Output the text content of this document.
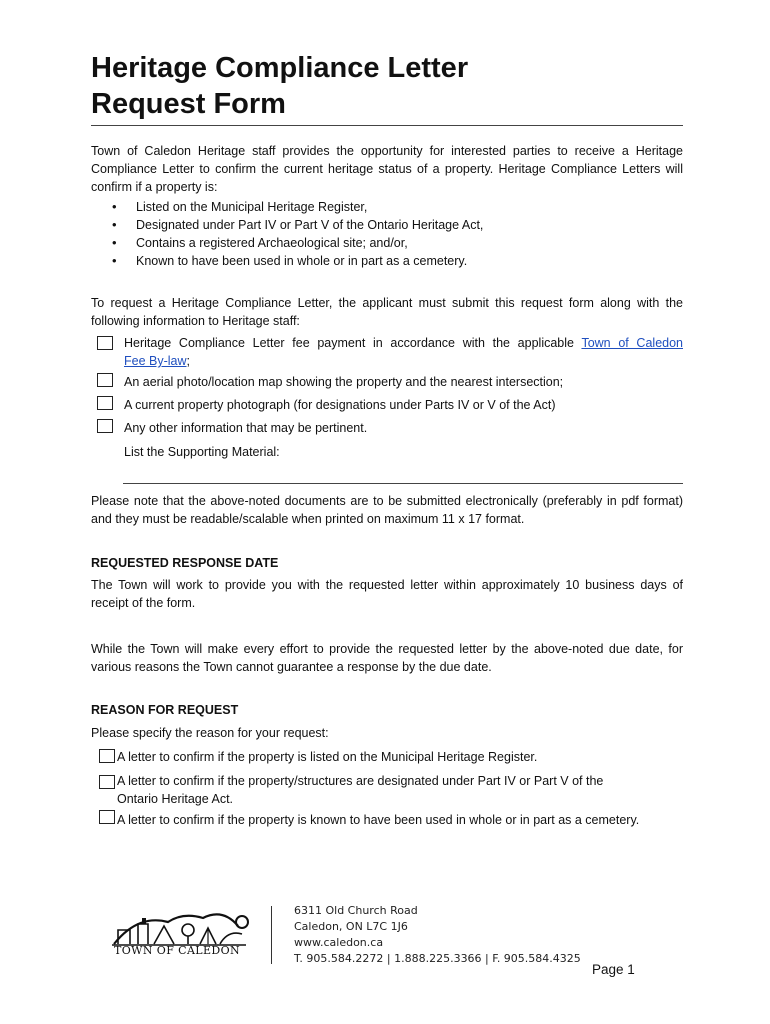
Heritage Compliance Letter
Request Form
Town of Caledon Heritage staff provides the opportunity for interested parties to receive a Heritage Compliance Letter to confirm the current heritage status of a property. Heritage Compliance Letters will confirm if a property is:
• Listed on the Municipal Heritage Register,
• Designated under Part IV or Part V of the Ontario Heritage Act,
• Contains a registered Archaeological site; and/or,
• Known to have been used in whole or in part as a cemetery.
To request a Heritage Compliance Letter, the applicant must submit this request form along with the following information to Heritage staff:
Heritage Compliance Letter fee payment in accordance with the applicable Town of Caledon
Fee By-law;
An aerial photo/location map showing the property and the nearest intersection;
A current property photograph (for designations under Parts IV or V of the Act)
Any other information that may be pertinent.
List the Supporting Material:
Please note that the above-noted documents are to be submitted electronically (preferably in pdf format) and they must be readable/scalable when printed on maximum 11 x 17 format.
REQUESTED RESPONSE DATE
The Town will work to provide you with the requested letter within approximately 10 business days of receipt of the form.
While the Town will make every effort to provide the requested letter by the above-noted due date, for various reasons the Town cannot guarantee a response by the due date.
REASON FOR REQUEST
Please specify the reason for your request:
A letter to confirm if the property is listed on the Municipal Heritage Register.
A letter to confirm if the property/structures are designated under Part IV or Part V of the
Ontario Heritage Act.
A letter to confirm if the property is known to have been used in whole or in part as a cemetery.
TOWN OF CALEDON
6311 Old Church Road
Caledon, ON L7C 1J6
www.caledon.ca
T. 905.584.2272 | 1.888.225.3366 | F. 905.584.4325
Page 1
